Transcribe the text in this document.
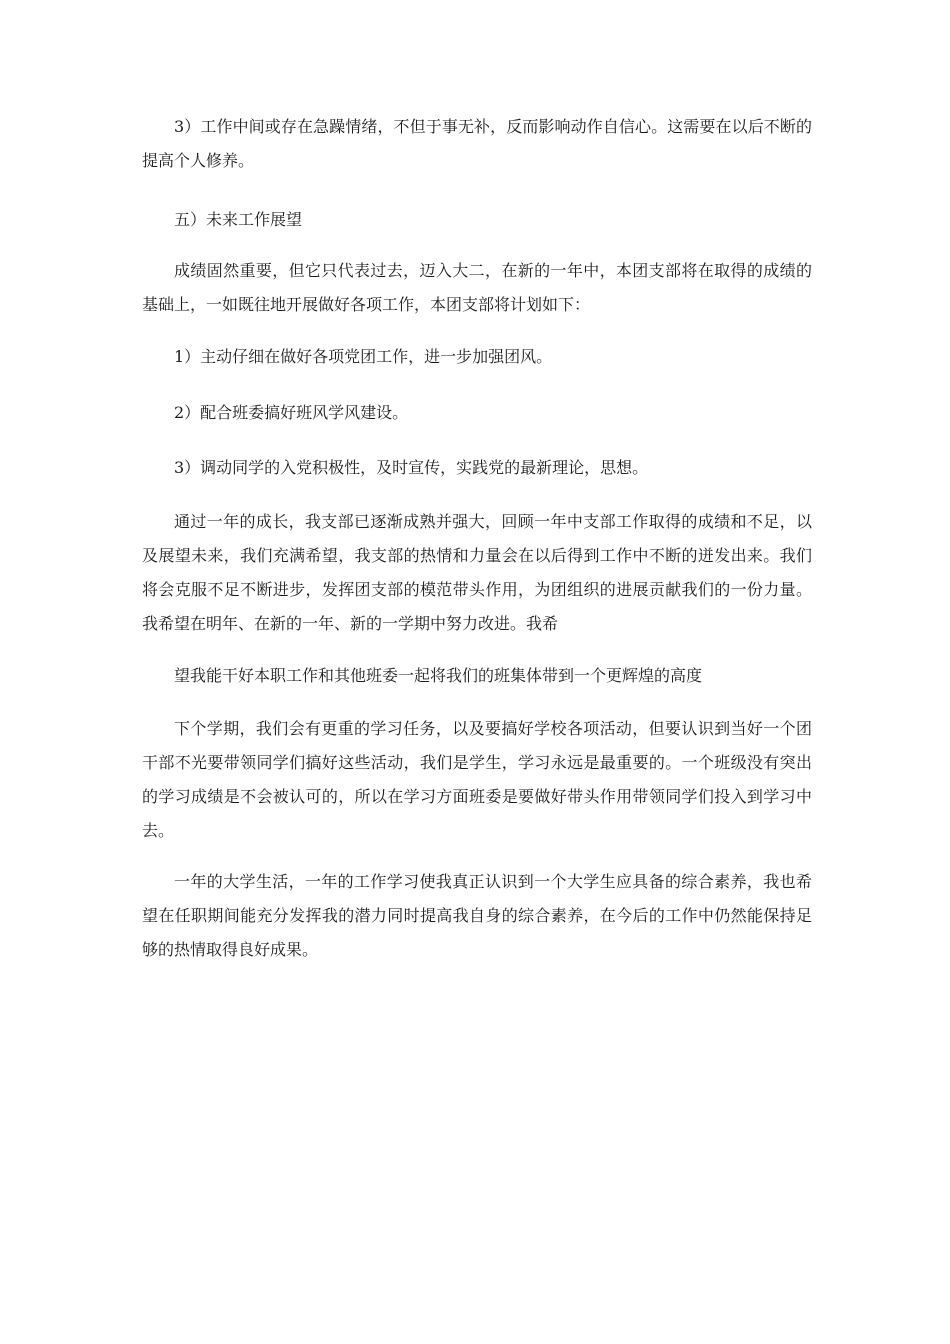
3）工作中间或存在急躁情绪，不但于事无补，反而影响动作自信心。这需要在以后不断的提高个人修养。

五）未来工作展望

成绩固然重要，但它只代表过去，迈入大二，在新的一年中，本团支部将在取得的成绩的基础上，一如既往地开展做好各项工作，本团支部将计划如下：

1）主动仔细在做好各项党团工作，进一步加强团风。

2）配合班委搞好班风学风建设。

3）调动同学的入党积极性，及时宣传，实践党的最新理论，思想。

通过一年的成长，我支部已逐渐成熟并强大，回顾一年中支部工作取得的成绩和不足，以及展望未来，我们充满希望，我支部的热情和力量会在以后得到工作中不断的迸发出来。我们将会克服不足不断进步，发挥团支部的模范带头作用，为团组织的进展贡献我们的一份力量。我希望在明年、在新的一年、新的一学期中努力改进。我希

望我能干好本职工作和其他班委一起将我们的班集体带到一个更辉煌的高度

下个学期，我们会有更重的学习任务，以及要搞好学校各项活动，但要认识到当好一个团干部不光要带领同学们搞好这些活动，我们是学生，学习永远是最重要的。一个班级没有突出的学习成绩是不会被认可的，所以在学习方面班委是要做好带头作用带领同学们投入到学习中去。

一年的大学生活，一年的工作学习使我真正认识到一个大学生应具备的综合素养，我也希望在任职期间能充分发挥我的潜力同时提高我自身的综合素养，在今后的工作中仍然能保持足够的热情取得良好成果。
